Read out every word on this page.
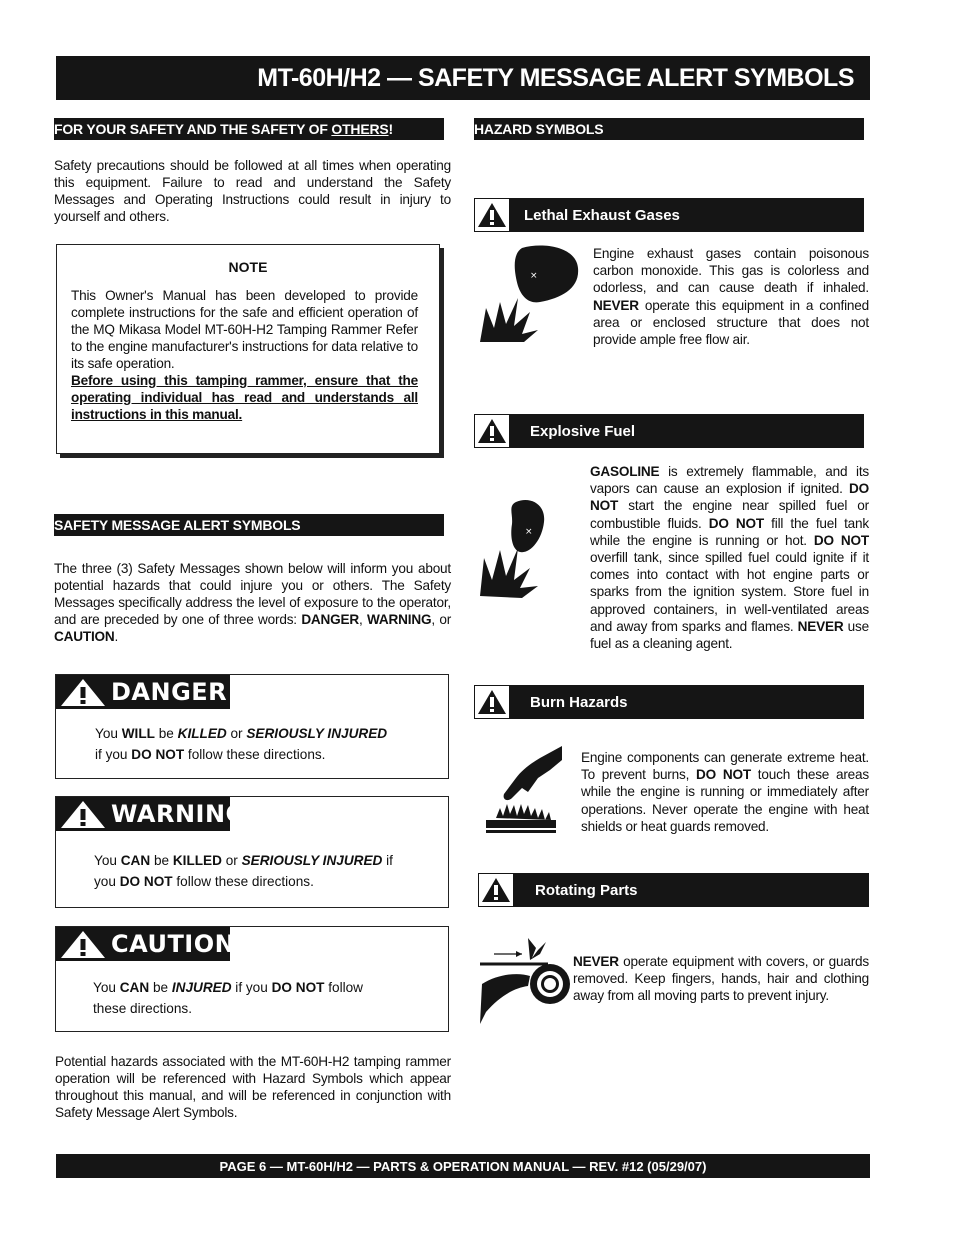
MT-60H/H2 — SAFETY MESSAGE ALERT SYMBOLS
FOR YOUR SAFETY AND THE SAFETY OF OTHERS!
Safety precautions should be followed at all times when operating this equipment. Failure to read and understand the Safety Messages and Operating Instructions could result in injury to yourself and others.
NOTE
This Owner's Manual has been developed to provide complete instructions for the safe and efficient operation of the MQ Mikasa Model MT-60H-H2 Tamping Rammer Refer to the engine manufacturer's instructions for data relative to its safe operation.
Before using this tamping rammer, ensure that the operating individual has read and understands all instructions in this manual.
SAFETY MESSAGE ALERT SYMBOLS
The three (3) Safety Messages shown below will inform you about potential hazards that could injure you or others. The Safety Messages specifically address the level of exposure to the operator, and are preceded by one of three words: DANGER, WARNING, or CAUTION.
DANGER
You WILL be KILLED or SERIOUSLY INJURED
if you DO NOT follow these directions.
WARNING
You CAN be KILLED or SERIOUSLY INJURED if
you DO NOT follow these directions.
CAUTION
You CAN be INJURED if you DO NOT follow
these directions.
Potential hazards associated with the MT-60H-H2 tamping rammer operation will be referenced with Hazard Symbols which appear throughout this manual, and will be referenced in conjunction with Safety Message Alert Symbols.
HAZARD SYMBOLS
Lethal Exhaust Gases
×
Engine exhaust gases contain poisonous carbon monoxide. This gas is colorless and odorless, and can cause death if inhaled. NEVER operate this equipment in a confined area or enclosed structure that does not provide ample free flow air.
Explosive Fuel
×
GASOLINE is extremely flammable, and its vapors can cause an explosion if ignited. DO NOT start the engine near spilled fuel or combustible fluids. DO NOT fill the fuel tank while the engine is running or hot. DO NOT overfill tank, since spilled fuel could ignite if it comes into contact with hot engine parts or sparks from the ignition system. Store fuel in approved containers, in well-ventilated areas and away from sparks and flames. NEVER use fuel as a cleaning agent.
Burn Hazards
Engine components can generate extreme heat. To prevent burns, DO NOT touch these areas while the engine is running or immediately after operations. Never operate the engine with heat shields or heat guards removed.
Rotating Parts
NEVER operate equipment with covers, or guards removed. Keep fingers, hands, hair and clothing away from all moving parts to prevent injury.
PAGE 6 — MT-60H/H2 — PARTS & OPERATION MANUAL — REV. #12 (05/29/07)
